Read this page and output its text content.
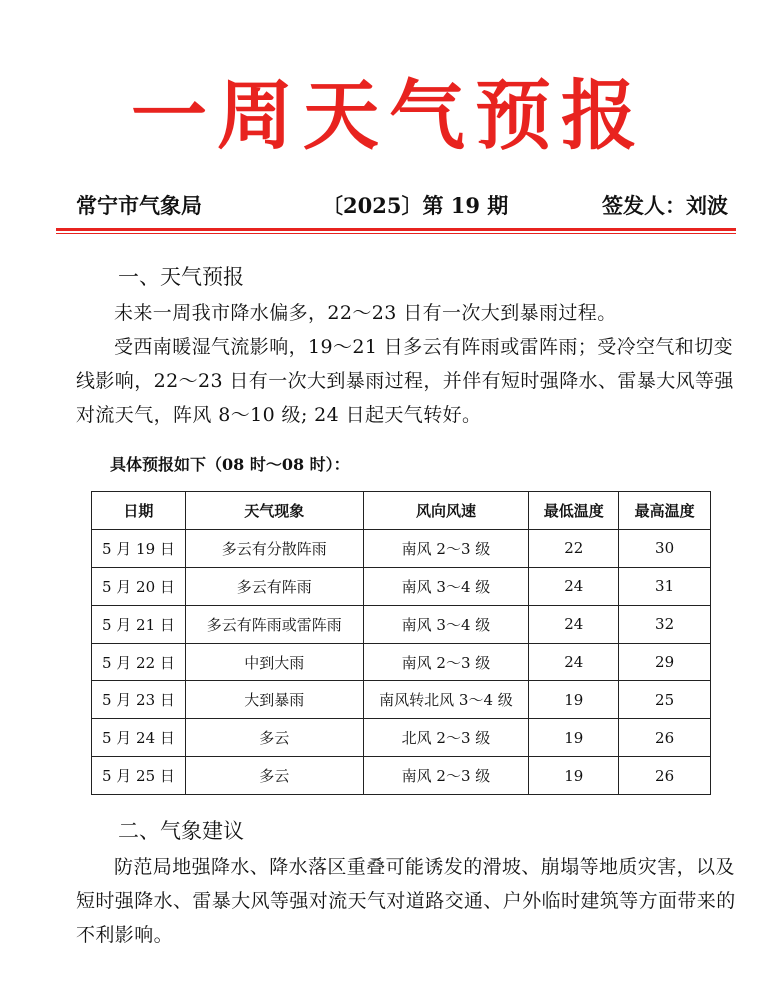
一周天气预报
常宁市气象局	〔2025〕第 19 期	签发人：刘波
一、天气预报

未来一周我市降水偏多，22～23 日有一次大到暴雨过程。

受西南暖湿气流影响，19～21 日多云有阵雨或雷阵雨；受冷空气和切变线影响，22～23 日有一次大到暴雨过程，并伴有短时强降水、雷暴大风等强对流天气，阵风 8～10 级; 24 日起天气转好。

具体预报如下（08 时～08 时）：
日期	天气现象	风向风速	最低温度	最高温度
5 月 19 日	多云有分散阵雨	南风 2～3 级	22	30
5 月 20 日	多云有阵雨	南风 3～4 级	24	31
5 月 21 日	多云有阵雨或雷阵雨	南风 3～4 级	24	32
5 月 22 日	中到大雨	南风 2～3 级	24	29
5 月 23 日	大到暴雨	南风转北风 3～4 级	19	25
5 月 24 日	多云	北风 2～3 级	19	26
5 月 25 日	多云	南风 2～3 级	19	26
二、气象建议

防范局地强降水、降水落区重叠可能诱发的滑坡、崩塌等地质灾害，以及短时强降水、雷暴大风等强对流天气对道路交通、户外临时建筑等方面带来的不利影响。
